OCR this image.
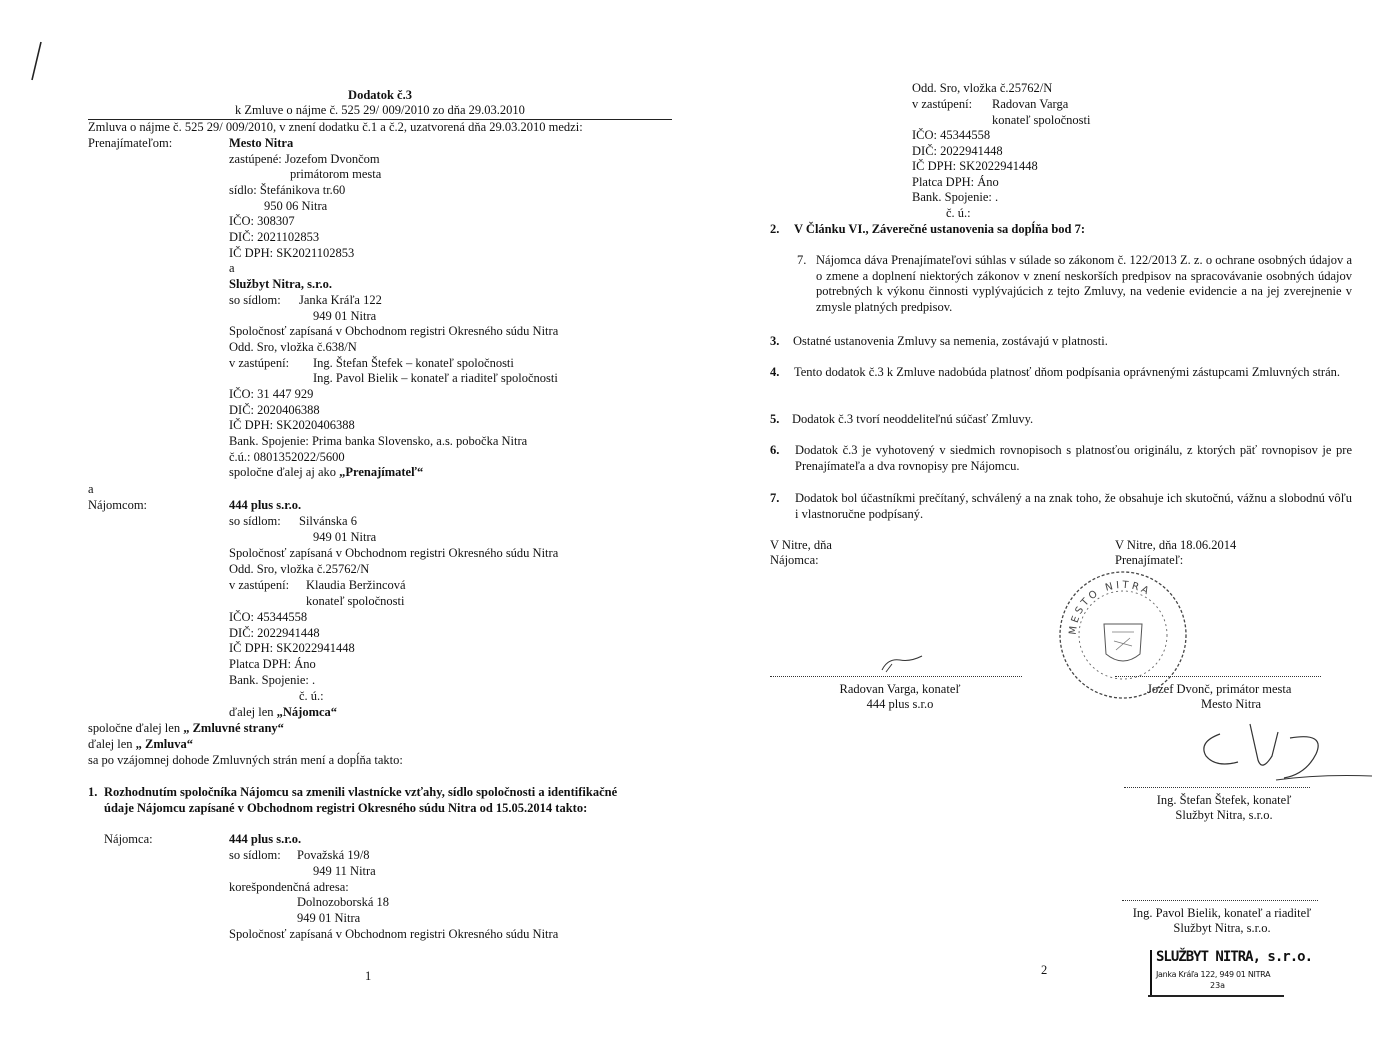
Dodatok č.3
k Zmluve o nájme č. 525 29/ 009/2010 zo dňa 29.03.2010
Zmluva o nájme č. 525 29/ 009/2010, v znení dodatku č.1 a č.2, uzatvorená dňa 29.03.2010 medzi:
Prenajímateľom:	Mesto Nitra
zastúpené: Jozefom Dvončom
primátorom mesta
sídlo: Štefánikova tr.60
950 06 Nitra
IČO: 308307
DIČ: 2021102853
IČ DPH: SK2021102853
a
Službyt Nitra, s.r.o.
so sídlom: Janka Kráľa 122
949 01 Nitra
Spoločnosť zapísaná v Obchodnom registri Okresného súdu Nitra
Odd. Sro, vložka č.638/N
v zastúpení: Ing. Štefan Štefek – konateľ spoločnosti
Ing. Pavol Bielik – konateľ a riaditeľ spoločnosti
IČO: 31 447 929
DIČ: 2020406388
IČ DPH: SK2020406388
Bank. Spojenie: Prima banka Slovensko, a.s. pobočka Nitra
č.ú.: 0801352022/5600
spoločne ďalej aj ako „Prenajímateľ“
a
Nájomcom:	444 plus s.r.o.
so sídlom: Silvánska 6
949 01 Nitra
Spoločnosť zapísaná v Obchodnom registri Okresného súdu Nitra
Odd. Sro, vložka č.25762/N
v zastúpení: Klaudia Beržincová
konateľ spoločnosti
IČO: 45344558
DIČ: 2022941448
IČ DPH: SK2022941448
Platca DPH: Áno
Bank. Spojenie: .
č. ú.:
ďalej len „Nájomca“
spoločne ďalej len „ Zmluvné strany“
ďalej len „ Zmluva“
sa po vzájomnej dohode Zmluvných strán mení a dopĺňa takto:
1. Rozhodnutím spoločníka Nájomcu sa zmenili vlastnícke vzťahy, sídlo spoločnosti a identifikačné
údaje Nájomcu zapísané v Obchodnom registri Okresného súdu Nitra od 15.05.2014 takto:
Nájomca:	444 plus s.r.o.
so sídlom: Považská 19/8
949 11 Nitra
korešpondenčná adresa:
Dolnozoborská 18
949 01 Nitra
Spoločnosť zapísaná v Obchodnom registri Okresného súdu Nitra
1
Odd. Sro, vložka č.25762/N
v zastúpení: Radovan Varga
konateľ spoločnosti
IČO: 45344558
DIČ: 2022941448
IČ DPH: SK2022941448
Platca DPH: Áno
Bank. Spojenie: .
č. ú.:
2. V Článku VI., Záverečné ustanovenia sa dopĺňa bod 7:
7. Nájomca dáva Prenajímateľovi súhlas v súlade so zákonom č. 122/2013 Z. z. o ochrane osobných údajov a o zmene a doplnení niektorých zákonov v znení neskorších predpisov na spracovávanie osobných údajov potrebných k výkonu činnosti vyplývajúcich z tejto Zmluvy, na vedenie evidencie a na jej zverejnenie v zmysle platných predpisov.
3. Ostatné ustanovenia Zmluvy sa nemenia, zostávajú v platnosti.
4. Tento dodatok č.3 k Zmluve nadobúda platnosť dňom podpísania oprávnenými zástupcami Zmluvných strán.
5. Dodatok č.3 tvorí neoddeliteľnú súčasť Zmluvy.
6. Dodatok č.3 je vyhotovený v siedmich rovnopisoch s platnosťou originálu, z ktorých päť rovnopisov je pre Prenajímateľa a dva rovnopisy pre Nájomcu.
7. Dodatok bol účastníkmi prečítaný, schválený a na znak toho, že obsahuje ich skutočnú, vážnu a slobodnú vôľu i vlastnoručne podpísaný.
V Nitre, dňa
Nájomca:
V Nitre, dňa 18.06.2014
Prenajímateľ:
MESTO NITRA
Radovan Varga, konateľ
444 plus s.r.o
Jozef Dvonč, primátor mesta
Mesto Nitra
Ing. Štefan Štefek, konateľ
Službyt Nitra, s.r.o.
Ing. Pavol Bielik, konateľ a riaditeľ
Službyt Nitra, s.r.o.
2
SLUŽBYT NITRA, s.r.o.
Janka Kráľa 122, 949 01 NITRA
23a
